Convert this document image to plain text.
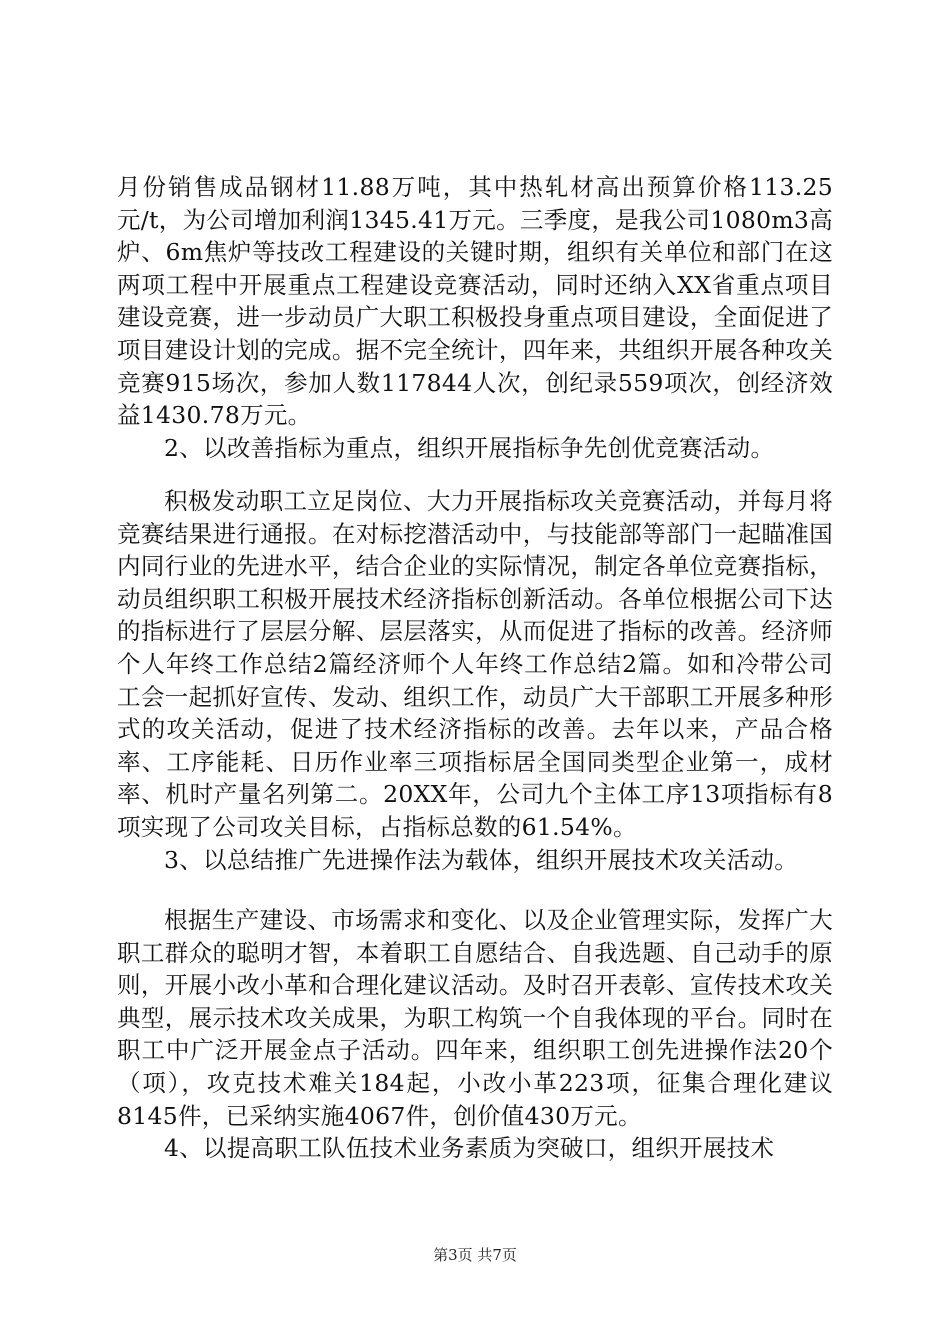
月份销售成品钢材11.88万吨，其中热轧材高出预算价格113.25元/t，为公司增加利润1345.41万元。三季度，是我公司1080m3高炉、6m焦炉等技改工程建设的关键时期，组织有关单位和部门在这两项工程中开展重点工程建设竞赛活动，同时还纳入XX省重点项目建设竞赛，进一步动员广大职工积极投身重点项目建设，全面促进了项目建设计划的完成。据不完全统计，四年来，共组织开展各种攻关竞赛915场次，参加人数117844人次，创纪录559项次，创经济效益1430.78万元。

2、以改善指标为重点，组织开展指标争先创优竞赛活动。

积极发动职工立足岗位、大力开展指标攻关竞赛活动，并每月将竞赛结果进行通报。在对标挖潜活动中，与技能部等部门一起瞄准国内同行业的先进水平，结合企业的实际情况，制定各单位竞赛指标，动员组织职工积极开展技术经济指标创新活动。各单位根据公司下达的指标进行了层层分解、层层落实，从而促进了指标的改善。经济师个人年终工作总结2篇经济师个人年终工作总结2篇。如和冷带公司工会一起抓好宣传、发动、组织工作，动员广大干部职工开展多种形式的攻关活动，促进了技术经济指标的改善。去年以来，产品合格率、工序能耗、日历作业率三项指标居全国同类型企业第一，成材率、机时产量名列第二。20XX年，公司九个主体工序13项指标有8项实现了公司攻关目标，占指标总数的61.54%。

3、以总结推广先进操作法为载体，组织开展技术攻关活动。

根据生产建设、市场需求和变化、以及企业管理实际，发挥广大职工群众的聪明才智，本着职工自愿结合、自我选题、自己动手的原则，开展小改小革和合理化建议活动。及时召开表彰、宣传技术攻关典型，展示技术攻关成果，为职工构筑一个自我体现的平台。同时在职工中广泛开展金点子活动。四年来，组织职工创先进操作法20个（项），攻克技术难关184起，小改小革223项，征集合理化建议8145件，已采纳实施4067件，创价值430万元。

4、以提高职工队伍技术业务素质为突破口，组织开展技术

第3页 共7页
